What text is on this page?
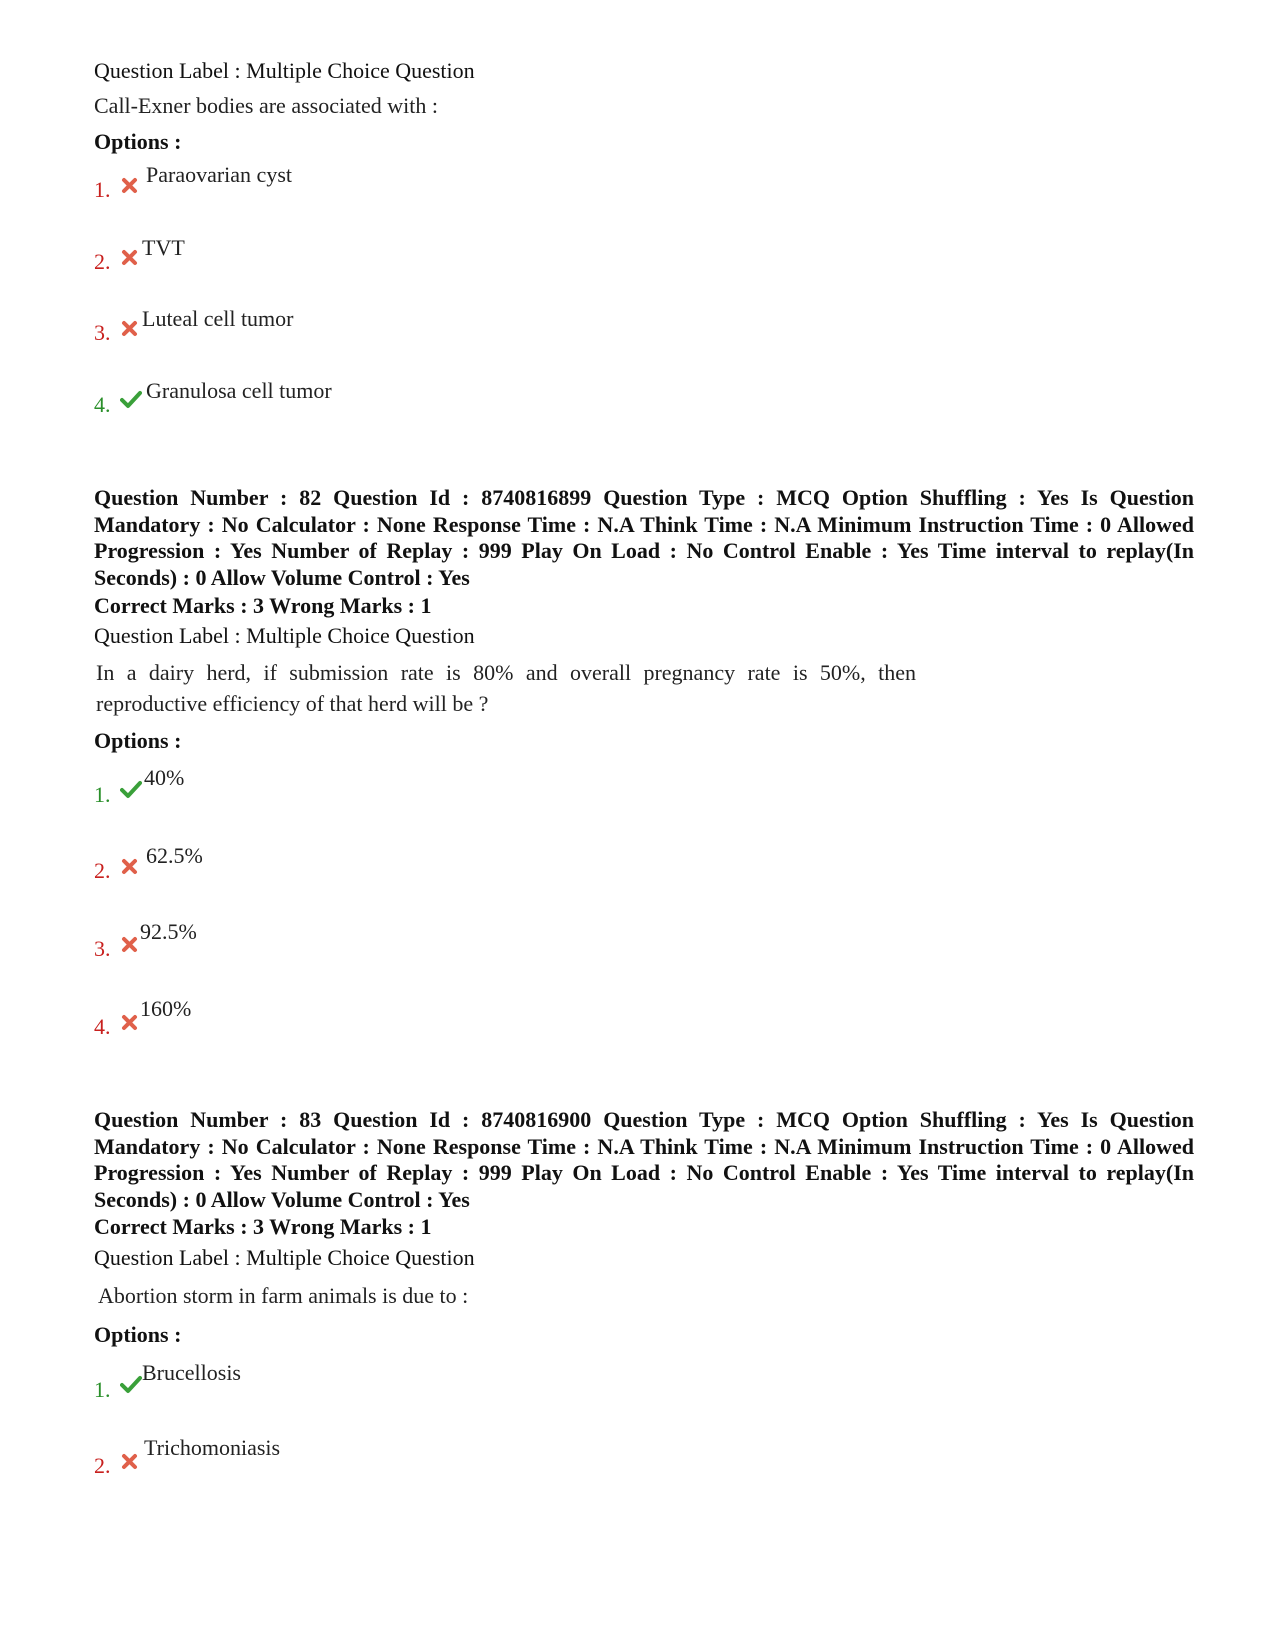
Question Label : Multiple Choice Question
Call-Exner bodies are associated with :
Options :
1.
Paraovarian cyst
2.
TVT
3.
Luteal cell tumor
4.
Granulosa cell tumor
Question Number : 82 Question Id : 8740816899 Question Type : MCQ Option Shuffling : Yes Is Question Mandatory : No Calculator : None Response Time : N.A Think Time : N.A Minimum Instruction Time : 0 Allowed Progression : Yes Number of Replay : 999 Play On Load : No Control Enable : Yes Time interval to replay(In Seconds) : 0 Allow Volume Control : Yes
Correct Marks : 3 Wrong Marks : 1
Question Label : Multiple Choice Question
In a dairy herd, if submission rate is 80% and overall pregnancy rate is 50%, then reproductive efficiency of that herd will be ?
Options :
1.
40%
2.
62.5%
3.
92.5%
4.
160%
Question Number : 83 Question Id : 8740816900 Question Type : MCQ Option Shuffling : Yes Is Question Mandatory : No Calculator : None Response Time : N.A Think Time : N.A Minimum Instruction Time : 0 Allowed Progression : Yes Number of Replay : 999 Play On Load : No Control Enable : Yes Time interval to replay(In Seconds) : 0 Allow Volume Control : Yes
Correct Marks : 3 Wrong Marks : 1
Question Label : Multiple Choice Question
Abortion storm in farm animals is due to :
Options :
1.
Brucellosis
2.
Trichomoniasis
